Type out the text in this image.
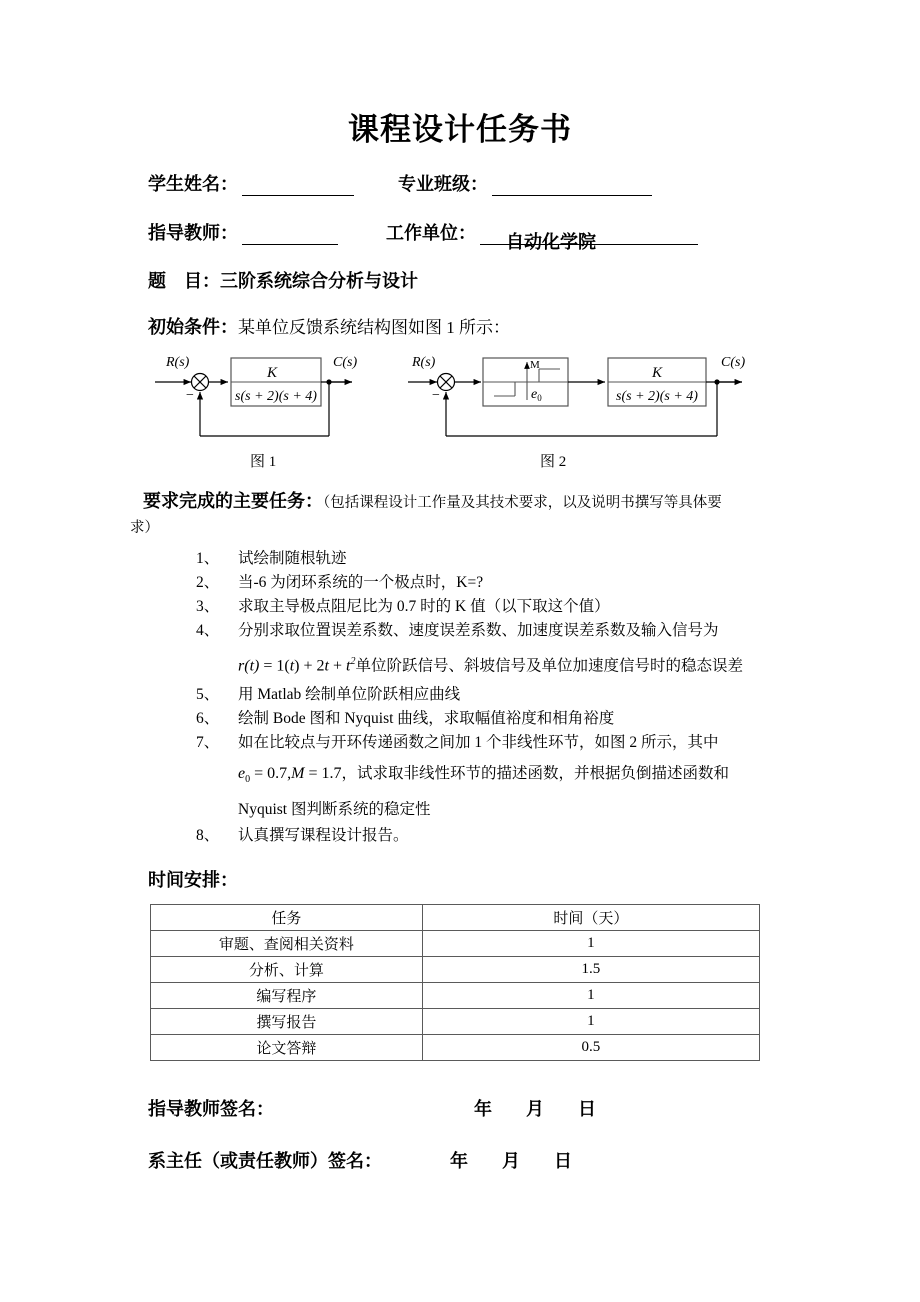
课程设计任务书
学生姓名：	专业班级：
指导教师：	工作单位： 自动化学院
题　目：三阶系统综合分析与设计
初始条件：某单位反馈系统结构图如图 1 所示：
R(s)	C(s)
−
K
s(s + 2)(s + 4)
R(s)	C(s)
−
M
$e_0$
K
s(s + 2)(s + 4)
图 1	图 2
要求完成的主要任务：（包括课程设计工作量及其技术要求，以及说明书撰写等具体要
求）
1、	试绘制随根轨迹
2、	当-6 为闭环系统的一个极点时，K=?
3、	求取主导极点阻尼比为 0.7 时的 K 值（以下取这个值）
4、	分别求取位置误差系数、速度误差系数、加速度误差系数及输入信号为
$r(t) = 1(t) + 2t + t^2$单位阶跃信号、斜坡信号及单位加速度信号时的稳态误差
5、	用 Matlab 绘制单位阶跃相应曲线
6、	绘制 Bode 图和 Nyquist 曲线，求取幅值裕度和相角裕度
7、	如在比较点与开环传递函数之间加 1 个非线性环节，如图 2 所示，其中
$e_0 = 0.7,M = 1.7$，试求取非线性环节的描述函数，并根据负倒描述函数和
Nyquist 图判断系统的稳定性
8、	认真撰写课程设计报告。
时间安排：
任务	时间（天）
审题、查阅相关资料	1
分析、计算	1.5
编写程序	1
撰写报告	1
论文答辩	0.5
指导教师签名：	年 月 日
系主任（或责任教师）签名：	年 月 日
